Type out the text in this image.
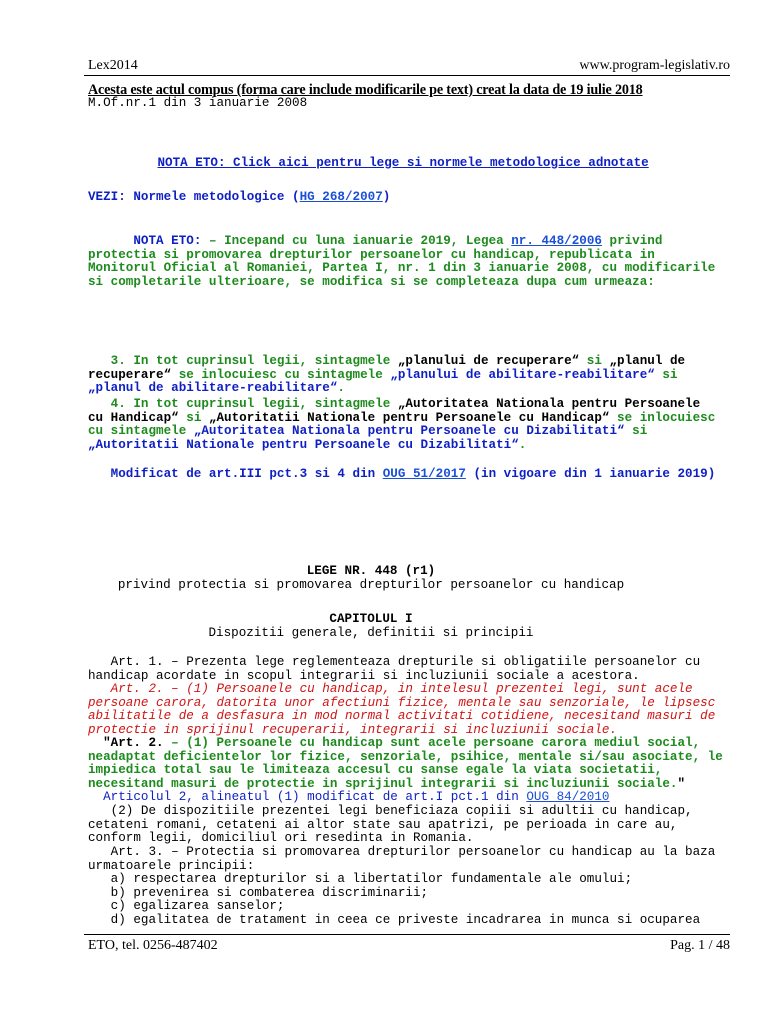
Lex2014	www.program-legislativ.ro
Acesta este actul compus (forma care include modificarile pe text) creat la data de 19 iulie 2018
M.Of.nr.1 din 3 ianuarie 2008

NOTA ETO: Click aici pentru lege si normele metodologice adnotate

VEZI: Normele metodologice (HG 268/2007)
NOTA ETO: – Incepand cu luna ianuarie 2019, Legea nr. 448/2006 privind
protectia si promovarea drepturilor persoanelor cu handicap, republicata in
Monitorul Oficial al Romaniei, Partea I, nr. 1 din 3 ianuarie 2008, cu modificarile
si completarile ulterioare, se modifica si se completeaza dupa cum urmeaza:
3. In tot cuprinsul legii, sintagmele „planului de recuperare“ si „planul de
recuperare“ se inlocuiesc cu sintagmele „planului de abilitare-reabilitare“ si
„planul de abilitare-reabilitare“.
4. In tot cuprinsul legii, sintagmele „Autoritatea Nationala pentru Persoanele
cu Handicap“ si „Autoritatii Nationale pentru Persoanele cu Handicap“ se inlocuiesc
cu sintagmele „Autoritatea Nationala pentru Persoanele cu Dizabilitati“ si
„Autoritatii Nationale pentru Persoanele cu Dizabilitati“.
Modificat de art.III pct.3 si 4 din OUG 51/2017 (in vigoare din 1 ianuarie 2019)
LEGE NR. 448 (r1)
privind protectia si promovarea drepturilor persoanelor cu handicap
CAPITOLUL I
Dispozitii generale, definitii si principii
Art. 1. – Prezenta lege reglementeaza drepturile si obligatiile persoanelor cu
handicap acordate in scopul integrarii si incluziunii sociale a acestora.
Art. 2. – (1) Persoanele cu handicap, in intelesul prezentei legi, sunt acele
persoane carora, datorita unor afectiuni fizice, mentale sau senzoriale, le lipsesc
abilitatile de a desfasura in mod normal activitati cotidiene, necesitand masuri de
protectie in sprijinul recuperarii, integrarii si incluziunii sociale.
"Art. 2. – (1) Persoanele cu handicap sunt acele persoane carora mediul social,
neadaptat deficientelor lor fizice, senzoriale, psihice, mentale si/sau asociate, le
impiedica total sau le limiteaza accesul cu sanse egale la viata societatii,
necesitand masuri de protectie in sprijinul integrarii si incluziunii sociale."
Articolul 2, alineatul (1) modificat de art.I pct.1 din OUG 84/2010
(2) De dispozitiile prezentei legi beneficiaza copiii si adultii cu handicap,
cetateni romani, cetateni ai altor state sau apatrizi, pe perioada in care au,
conform legii, domiciliul ori resedinta in Romania.
Art. 3. – Protectia si promovarea drepturilor persoanelor cu handicap au la baza
urmatoarele principii:
a) respectarea drepturilor si a libertatilor fundamentale ale omului;
b) prevenirea si combaterea discriminarii;
c) egalizarea sanselor;
d) egalitatea de tratament in ceea ce priveste incadrarea in munca si ocuparea
ETO, tel. 0256-487402	Pag. 1 / 48
